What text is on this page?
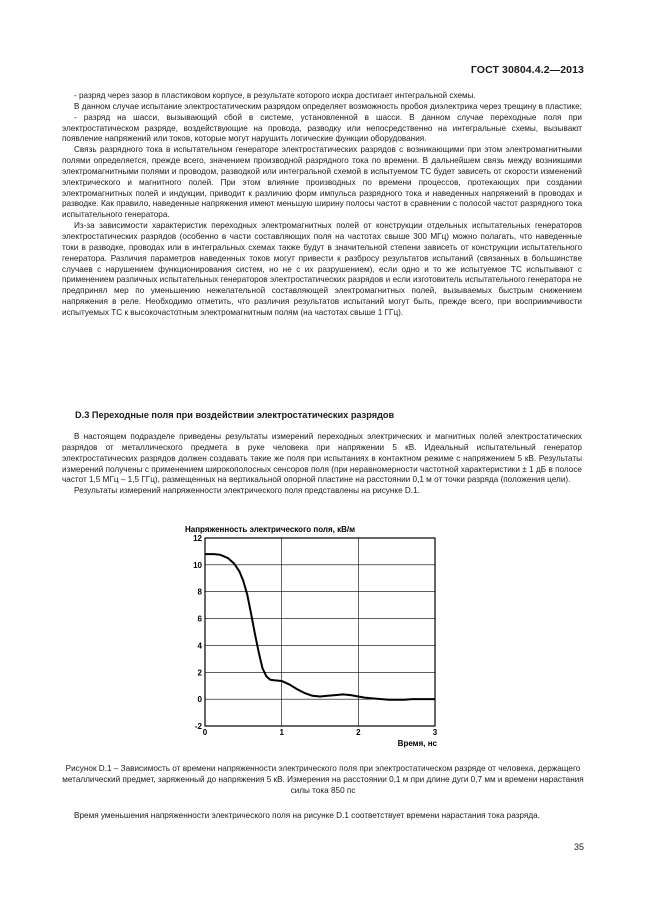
ГОСТ 30804.4.2—2013

- разряд через зазор в пластиковом корпусе, в результате которого искра достигает интегральной схемы.

В данном случае испытание электростатическим разрядом определяет возможность пробоя диэлектрика через трещину в пластике;

- разряд на шасси, вызывающий сбой в системе, установленной в шасси. В данном случае переходные поля при электростатическом разряде, воздействующие на провода, разводку или непосредственно на интегральные схемы, вызывают появление напряжений или токов, которые могут нарушить логические функции оборудования.

Связь разрядного тока в испытательном генераторе электростатических разрядов с возникающими при этом электромагнитными полями определяется, прежде всего, значением производной разрядного тока по времени. В дальнейшем связь между возникшими электромагнитными полями и проводом, разводкой или интегральной схемой в испытуемом ТС будет зависеть от скорости изменений электрического и магнитного полей. При этом влияние производных по времени процессов, протекающих при создании электромагнитных полей и индукции, приводит к различию форм импульса разрядного тока и наведенных напряжений в проводах и разводке. Как правило, наведенные напряжения имеют меньшую ширину полосы частот в сравнении с полосой частот разрядного тока испытательного генератора.

Из-за зависимости характеристик переходных электромагнитных полей от конструкции отдельных испытательных генераторов электростатических разрядов (особенно в части составляющих поля на частотах свыше 300 МГц) можно полагать, что наведенные токи в разводке, проводах или в интегральных схемах также будут в значительной степени зависеть от конструкции испытательного генератора. Различия параметров наведенных токов могут привести к разбросу результатов испытаний (связанных в большинстве случаев с нарушением функционирования систем, но не с их разрушением), если одно и то же испытуемое ТС испытывают с применением различных испытательных генераторов электростатических разрядов и если изготовитель испытательного генератора не предпринял мер по уменьшению нежелательной составляющей электромагнитных полей, вызываемых быстрым снижением напряжения в реле. Необходимо отметить, что различия результатов испытаний могут быть, прежде всего, при восприимчивости испытуемых ТС к высокочастотным электромагнитным полям (на частотах свыше 1 ГГц).

D.3 Переходные поля при воздействии электростатических разрядов

В настоящем подразделе приведены результаты измерений переходных электрических и магнитных полей электростатических разрядов от металлического предмета в руке человека при напряжении 5 кВ. Идеальный испытательный генератор электростатических разрядов должен создавать такие же поля при испытаниях в контактном режиме с напряжением 5 кВ. Результаты измерений получены с применением широкополосных сенсоров поля (при неравномерности частотной характеристики ± 1 дБ в полосе частот 1,5 МГц – 1,5 ГГц), размещенных на вертикальной опорной пластине на расстоянии 0,1 м от точки разряда (положения цели).

Результаты измерений напряженности электрического поля представлены на рисунке D.1.

Напряженность электрического поля, кВ/м
0	1	2	3
-2
0
2
4
6
8
10
12
Время, нс
Рисунок D.1 – Зависимость от времени напряженности электрического поля при электростатическом разряде от человека, держащего металлический предмет, заряженный до напряжения 5 кВ. Измерения на расстоянии 0,1 м при длине дуги 0,7 мм и времени нарастания силы тока 850 пс

Время уменьшения напряженности электрического поля на рисунке D.1 соответствует времени нарастания тока разряда.

35
